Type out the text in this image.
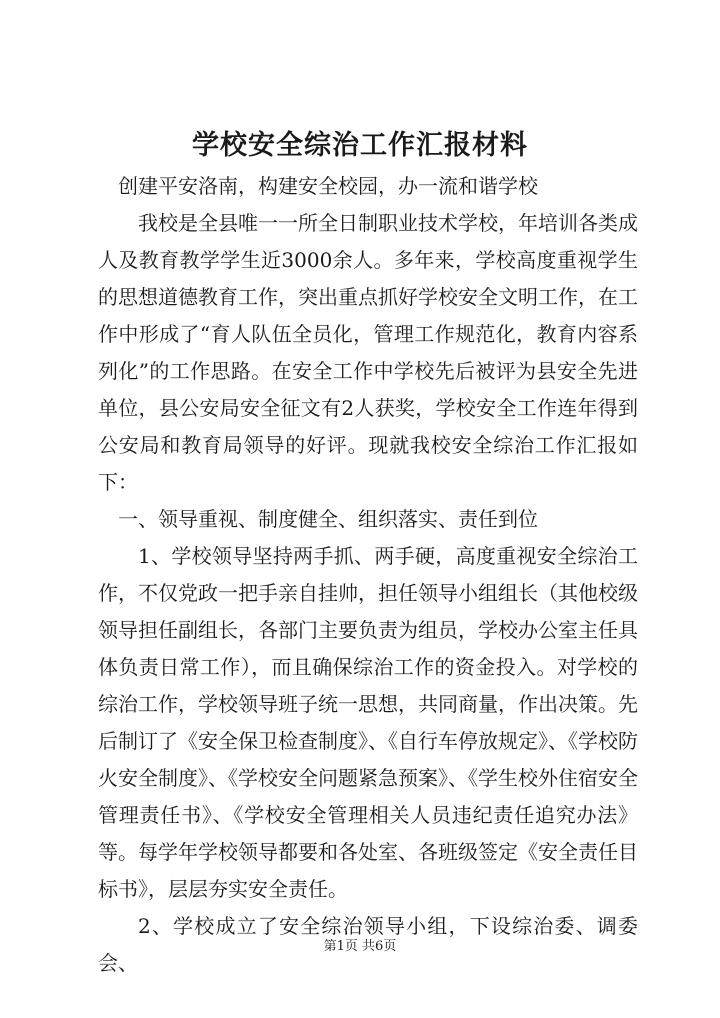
学校安全综治工作汇报材料

创建平安洛南，构建安全校园，办一流和谐学校

我校是全县唯一一所全日制职业技术学校，年培训各类成人及教育教学学生近3000余人。多年来，学校高度重视学生的思想道德教育工作，突出重点抓好学校安全文明工作，在工作中形成了“育人队伍全员化，管理工作规范化，教育内容系列化”的工作思路。在安全工作中学校先后被评为县安全先进单位，县公安局安全征文有2人获奖，学校安全工作连年得到公安局和教育局领导的好评。现就我校安全综治工作汇报如下：

一、领导重视、制度健全、组织落实、责任到位

1、学校领导坚持两手抓、两手硬，高度重视安全综治工作，不仅党政一把手亲自挂帅，担任领导小组组长（其他校级领导担任副组长，各部门主要负责为组员，学校办公室主任具体负责日常工作），而且确保综治工作的资金投入。对学校的综治工作，学校领导班子统一思想，共同商量，作出决策。先后制订了《安全保卫检查制度》、《自行车停放规定》、《学校防火安全制度》、《学校安全问题紧急预案》、《学生校外住宿安全管理责任书》、《学校安全管理相关人员违纪责任追究办法》等。每学年学校领导都要和各处室、各班级签定《安全责任目标书》，层层夯实安全责任。

2、学校成立了安全综治领导小组，下设综治委、调委会、

第1页 共6页
